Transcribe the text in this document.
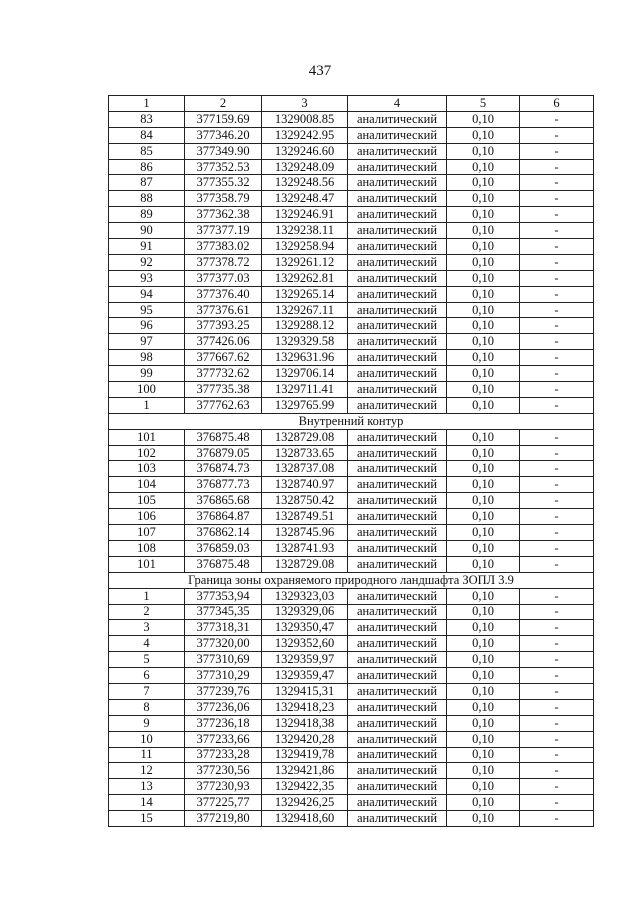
437
1	2	3	4	5	6
83	377159.69	1329008.85	аналитический	0,10	-
84	377346.20	1329242.95	аналитический	0,10	-
85	377349.90	1329246.60	аналитический	0,10	-
86	377352.53	1329248.09	аналитический	0,10	-
87	377355.32	1329248.56	аналитический	0,10	-
88	377358.79	1329248.47	аналитический	0,10	-
89	377362.38	1329246.91	аналитический	0,10	-
90	377377.19	1329238.11	аналитический	0,10	-
91	377383.02	1329258.94	аналитический	0,10	-
92	377378.72	1329261.12	аналитический	0,10	-
93	377377.03	1329262.81	аналитический	0,10	-
94	377376.40	1329265.14	аналитический	0,10	-
95	377376.61	1329267.11	аналитический	0,10	-
96	377393.25	1329288.12	аналитический	0,10	-
97	377426.06	1329329.58	аналитический	0,10	-
98	377667.62	1329631.96	аналитический	0,10	-
99	377732.62	1329706.14	аналитический	0,10	-
100	377735.38	1329711.41	аналитический	0,10	-
1	377762.63	1329765.99	аналитический	0,10	-
Внутренний контур					
101	376875.48	1328729.08	аналитический	0,10	-
102	376879.05	1328733.65	аналитический	0,10	-
103	376874.73	1328737.08	аналитический	0,10	-
104	376877.73	1328740.97	аналитический	0,10	-
105	376865.68	1328750.42	аналитический	0,10	-
106	376864.87	1328749.51	аналитический	0,10	-
107	376862.14	1328745.96	аналитический	0,10	-
108	376859.03	1328741.93	аналитический	0,10	-
101	376875.48	1328729.08	аналитический	0,10	-
Граница зоны охраняемого природного ландшафта ЗОПЛ 3.9					
1	377353,94	1329323,03	аналитический	0,10	-
2	377345,35	1329329,06	аналитический	0,10	-
3	377318,31	1329350,47	аналитический	0,10	-
4	377320,00	1329352,60	аналитический	0,10	-
5	377310,69	1329359,97	аналитический	0,10	-
6	377310,29	1329359,47	аналитический	0,10	-
7	377239,76	1329415,31	аналитический	0,10	-
8	377236,06	1329418,23	аналитический	0,10	-
9	377236,18	1329418,38	аналитический	0,10	-
10	377233,66	1329420,28	аналитический	0,10	-
11	377233,28	1329419,78	аналитический	0,10	-
12	377230,56	1329421,86	аналитический	0,10	-
13	377230,93	1329422,35	аналитический	0,10	-
14	377225,77	1329426,25	аналитический	0,10	-
15	377219,80	1329418,60	аналитический	0,10	-
